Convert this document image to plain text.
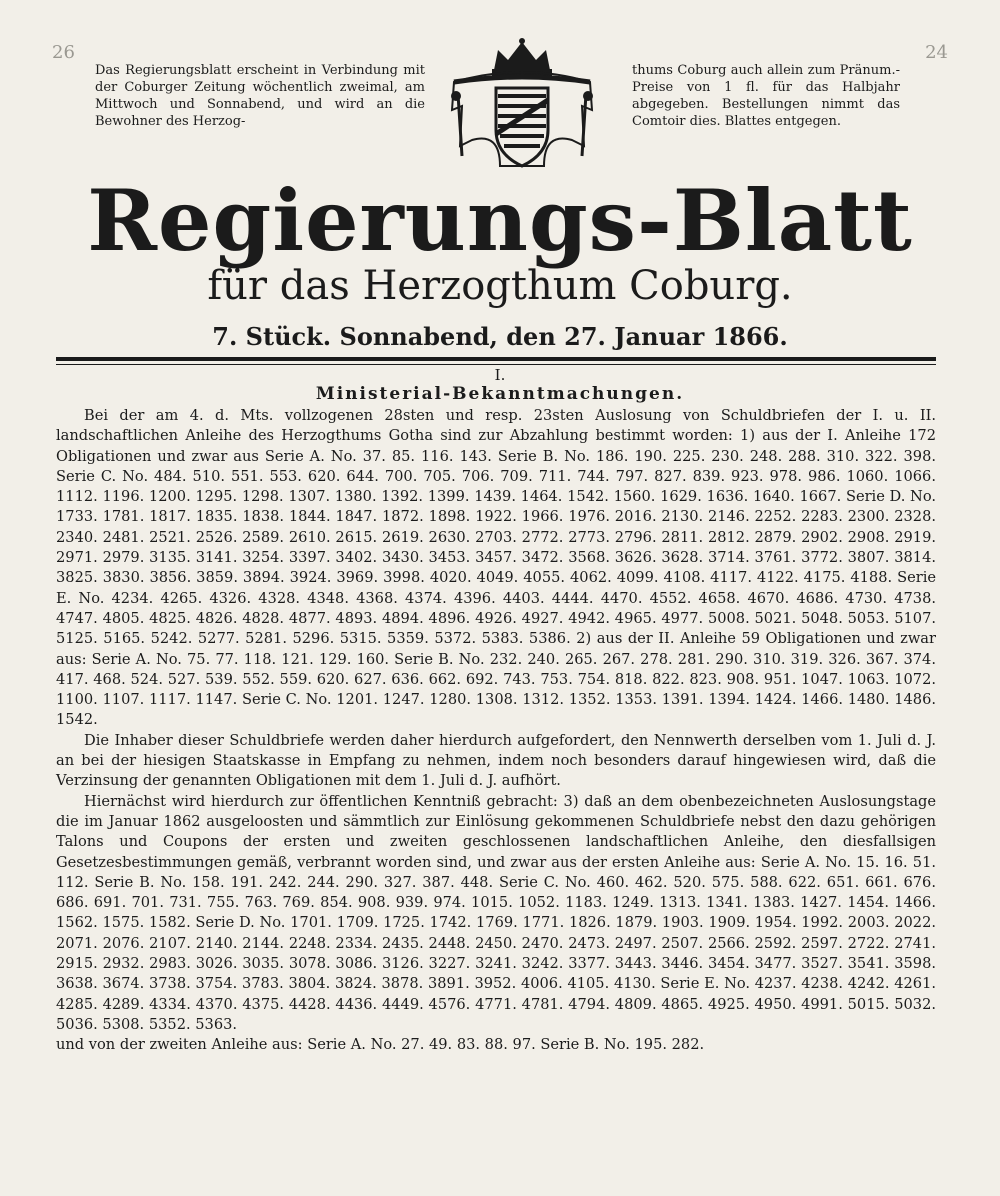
26	24
Das Regierungsblatt erscheint in Verbindung mit der Coburger Zeitung wöchentlich zweimal, am Mittwoch und Sonnabend, und wird an die Bewohner des Herzog-
thums Coburg auch allein zum Pränum.-Preise von 1 fl. für das Halbjahr abgegeben. Bestellungen nimmt das Comtoir dies. Blattes entgegen.
Regierungs-Blatt
für das Herzogthum Coburg.
7. Stück. Sonnabend, den 27. Januar 1866.
I.
Ministerial-Bekanntmachungen.

Bei der am 4. d. Mts. vollzogenen 28sten und resp. 23sten Auslosung von Schuldbriefen der I. u. II. landschaftlichen Anleihe des Herzogthums Gotha sind zur Abzahlung bestimmt worden: 1) aus der I. Anleihe 172 Obligationen und zwar aus Serie A. No. 37. 85. 116. 143. Serie B. No. 186. 190. 225. 230. 248. 288. 310. 322. 398. Serie C. No. 484. 510. 551. 553. 620. 644. 700. 705. 706. 709. 711. 744. 797. 827. 839. 923. 978. 986. 1060. 1066. 1112. 1196. 1200. 1295. 1298. 1307. 1380. 1392. 1399. 1439. 1464. 1542. 1560. 1629. 1636. 1640. 1667. Serie D. No. 1733. 1781. 1817. 1835. 1838. 1844. 1847. 1872. 1898. 1922. 1966. 1976. 2016. 2130. 2146. 2252. 2283. 2300. 2328. 2340. 2481. 2521. 2526. 2589. 2610. 2615. 2619. 2630. 2703. 2772. 2773. 2796. 2811. 2812. 2879. 2902. 2908. 2919. 2971. 2979. 3135. 3141. 3254. 3397. 3402. 3430. 3453. 3457. 3472. 3568. 3626. 3628. 3714. 3761. 3772. 3807. 3814. 3825. 3830. 3856. 3859. 3894. 3924. 3969. 3998. 4020. 4049. 4055. 4062. 4099. 4108. 4117. 4122. 4175. 4188. Serie E. No. 4234. 4265. 4326. 4328. 4348. 4368. 4374. 4396. 4403. 4444. 4470. 4552. 4658. 4670. 4686. 4730. 4738. 4747. 4805. 4825. 4826. 4828. 4877. 4893. 4894. 4896. 4926. 4927. 4942. 4965. 4977. 5008. 5021. 5048. 5053. 5107. 5125. 5165. 5242. 5277. 5281. 5296. 5315. 5359. 5372. 5383. 5386. 2) aus der II. Anleihe 59 Obligationen und zwar aus: Serie A. No. 75. 77. 118. 121. 129. 160. Serie B. No. 232. 240. 265. 267. 278. 281. 290. 310. 319. 326. 367. 374. 417. 468. 524. 527. 539. 552. 559. 620. 627. 636. 662. 692. 743. 753. 754. 818. 822. 823. 908. 951. 1047. 1063. 1072. 1100. 1107. 1117. 1147. Serie C. No. 1201. 1247. 1280. 1308. 1312. 1352. 1353. 1391. 1394. 1424. 1466. 1480. 1486. 1542.

Die Inhaber dieser Schuldbriefe werden daher hierdurch aufgefordert, den Nennwerth derselben vom 1. Juli d. J. an bei der hiesigen Staatskasse in Empfang zu nehmen, indem noch besonders darauf hingewiesen wird, daß die Verzinsung der genannten Obligationen mit dem 1. Juli d. J. aufhört.

Hiernächst wird hierdurch zur öffentlichen Kenntniß gebracht: 3) daß an dem obenbezeichneten Auslosungstage die im Januar 1862 ausgeloosten und sämmtlich zur Einlösung gekommenen Schuldbriefe nebst den dazu gehörigen Talons und Coupons der ersten und zweiten geschlossenen landschaftlichen Anleihe, den diesfallsigen Gesetzesbestimmungen gemäß, verbrannt worden sind, und zwar aus der ersten Anleihe aus: Serie A. No. 15. 16. 51. 112. Serie B. No. 158. 191. 242. 244. 290. 327. 387. 448. Serie C. No. 460. 462. 520. 575. 588. 622. 651. 661. 676. 686. 691. 701. 731. 755. 763. 769. 854. 908. 939. 974. 1015. 1052. 1183. 1249. 1313. 1341. 1383. 1427. 1454. 1466. 1562. 1575. 1582. Serie D. No. 1701. 1709. 1725. 1742. 1769. 1771. 1826. 1879. 1903. 1909. 1954. 1992. 2003. 2022. 2071. 2076. 2107. 2140. 2144. 2248. 2334. 2435. 2448. 2450. 2470. 2473. 2497. 2507. 2566. 2592. 2597. 2722. 2741. 2915. 2932. 2983. 3026. 3035. 3078. 3086. 3126. 3227. 3241. 3242. 3377. 3443. 3446. 3454. 3477. 3527. 3541. 3598. 3638. 3674. 3738. 3754. 3783. 3804. 3824. 3878. 3891. 3952. 4006. 4105. 4130. Serie E. No. 4237. 4238. 4242. 4261. 4285. 4289. 4334. 4370. 4375. 4428. 4436. 4449. 4576. 4771. 4781. 4794. 4809. 4865. 4925. 4950. 4991. 5015. 5032. 5036. 5308. 5352. 5363.

und von der zweiten Anleihe aus: Serie A. No. 27. 49. 83. 88. 97. Serie B. No. 195. 282.
